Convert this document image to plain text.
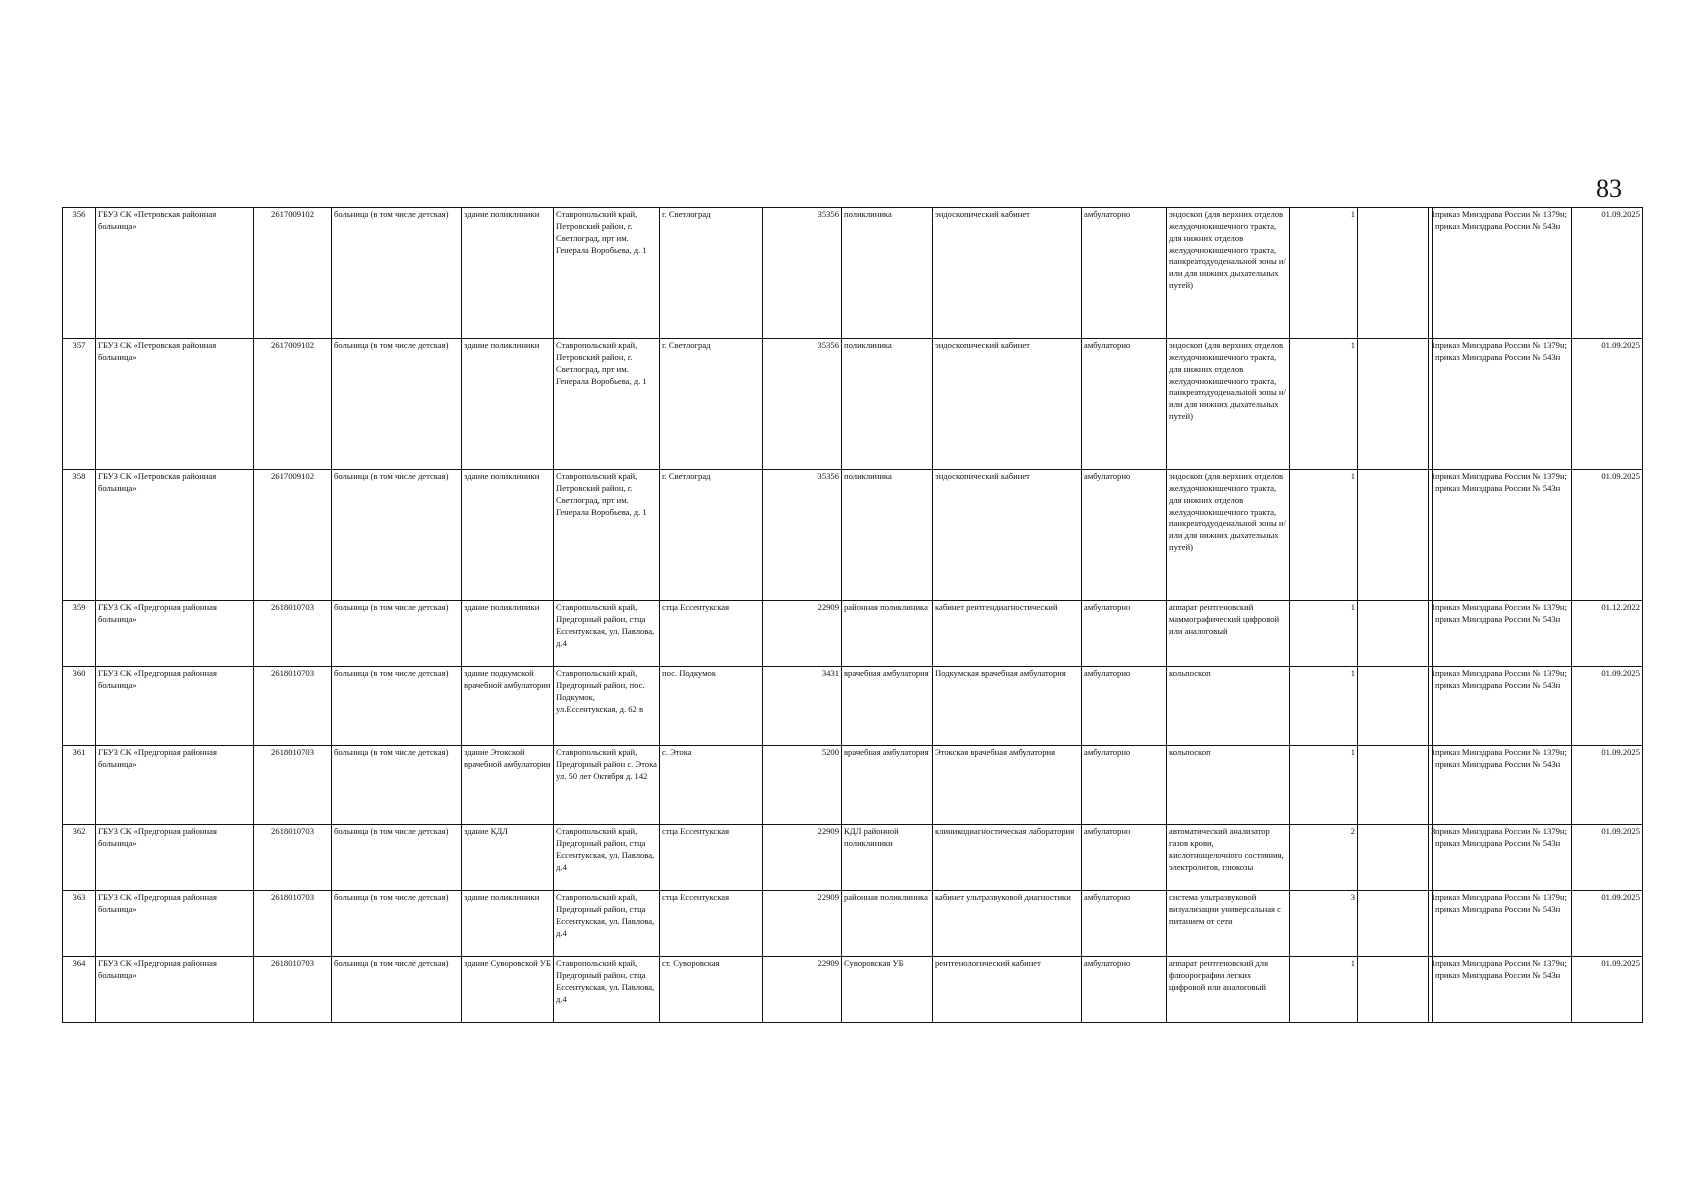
83
356	ГБУЗ СК «Петровская районная больница»	2617009102	больница (в том числе детская)	здание поликлиники	Ставропольский край, Петровский район, г. Светлоград, прт им. Генерала Воробьева, д. 1	г. Светлоград	35356	поликлиника	эндоскопический кабинет	амбулаторно	эндоскоп (для верхних отделов желудочнокишечного тракта, для нижних отделов желудочнокишечного тракта, панкреатодуоденальной зоны и/или для нижних дыхательных путей)	1		1	приказ Минздрава России № 1379н; приказ Минздрава России № 543н	01.09.2025
357	ГБУЗ СК «Петровская районная больница»	2617009102	больница (в том числе детская)	здание поликлиники	Ставропольский край, Петровский район, г. Светлоград, прт им. Генерала Воробьева, д. 1	г. Светлоград	35356	поликлиника	эндоскопический кабинет	амбулаторно	эндоскоп (для верхних отделов желудочнокишечного тракта, для нижних отделов желудочнокишечного тракта, панкреатодуоденальной зоны и/или для нижних дыхательных путей)	1		1	приказ Минздрава России № 1379н; приказ Минздрава России № 543н	01.09.2025
358	ГБУЗ СК «Петровская районная больница»	2617009102	больница (в том числе детская)	здание поликлиники	Ставропольский край, Петровский район, г. Светлоград, прт им. Генерала Воробьева, д. 1	г. Светлоград	35356	поликлиника	эндоскопический кабинет	амбулаторно	эндоскоп (для верхних отделов желудочнокишечного тракта, для нижних отделов желудочнокишечного тракта, панкреатодуоденальной зоны и/или для нижних дыхательных путей)	1		1	приказ Минздрава России № 1379н; приказ Минздрава России № 543н	01.09.2025
359	ГБУЗ СК «Предгорная районная больница»	2618010703	больница (в том числе детская)	здание поликлиники	Ставропольский край, Предгорный район, стца Ессентукская, ул. Павлова, д.4	стца Ессентукская	22909	районная поликлиника	кабинет рентгендиагностический	амбулаторно	аппарат рентгеновский маммографический цифровой или аналоговый	1		1	приказ Минздрава России № 1379н; приказ Минздрава России № 543н	01.12.2022
360	ГБУЗ СК «Предгорная районная больница»	2618010703	больница (в том числе детская)	здание подкумской врачебной амбулатории	Ставропольский край, Предгорный район, пос. Подкумок, ул.Ессентукская, д. 62 в	пос. Подкумок	3431	врачебная амбулатория	Подкумская врачебная амбулатория	амбулаторно	кольпоскоп	1		1	приказ Минздрава России № 1379н; приказ Минздрава России № 543н	01.09.2025
361	ГБУЗ СК «Предгорная районная больница»	2618010703	больница (в том числе детская)	здание Этокской врачебной амбулатории	Ставропольский край, Предгорный район с. Этока ул. 50 лет Октября д. 142	с. Этока	5200	врачебная амбулатория	Этокская врачебная амбулатория	амбулаторно	кольпоскоп	1		1	приказ Минздрава России № 1379н; приказ Минздрава России № 543н	01.09.2025
362	ГБУЗ СК «Предгорная районная больница»	2618010703	больница (в том числе детская)	здание КДЛ	Ставропольский край, Предгорный район, стца Ессентукская, ул. Павлова, д.4	стца Ессентукская	22909	КДЛ районной поликлиники	клиникодиагностическая лаборатория	амбулаторно	автоматический анализатор газов крови, кислотнощелочного состояния, электролитов, глюкозы	2		3	приказ Минздрава России № 1379н; приказ Минздрава России № 543н	01.09.2025
363	ГБУЗ СК «Предгорная районная больница»	2618010703	больница (в том числе детская)	здание поликлиники	Ставропольский край, Предгорный район, стца Ессентукская, ул. Павлова, д.4	стца Ессентукская	22909	районная поликлиника	кабинет ультразвуковой диагностики	амбулаторно	система ультразвуковой визуализации универсальная с питанием от сети	3		1	приказ Минздрава России № 1379н; приказ Минздрава России № 543н	01.09.2025
364	ГБУЗ СК «Предгорная районная больница»	2618010703	больница (в том числе детская)	здание Суворовской УБ	Ставропольский край, Предгорный район, стца Ессентукская, ул. Павлова, д.4	ст. Суворовская	22909	Суворовская УБ	рентгенологический кабинет	амбулаторно	аппарат рентгеновский для флюорографии легких цифровой или аналоговый	1		1	приказ Минздрава России № 1379н; приказ Минздрава России № 543н	01.09.2025
